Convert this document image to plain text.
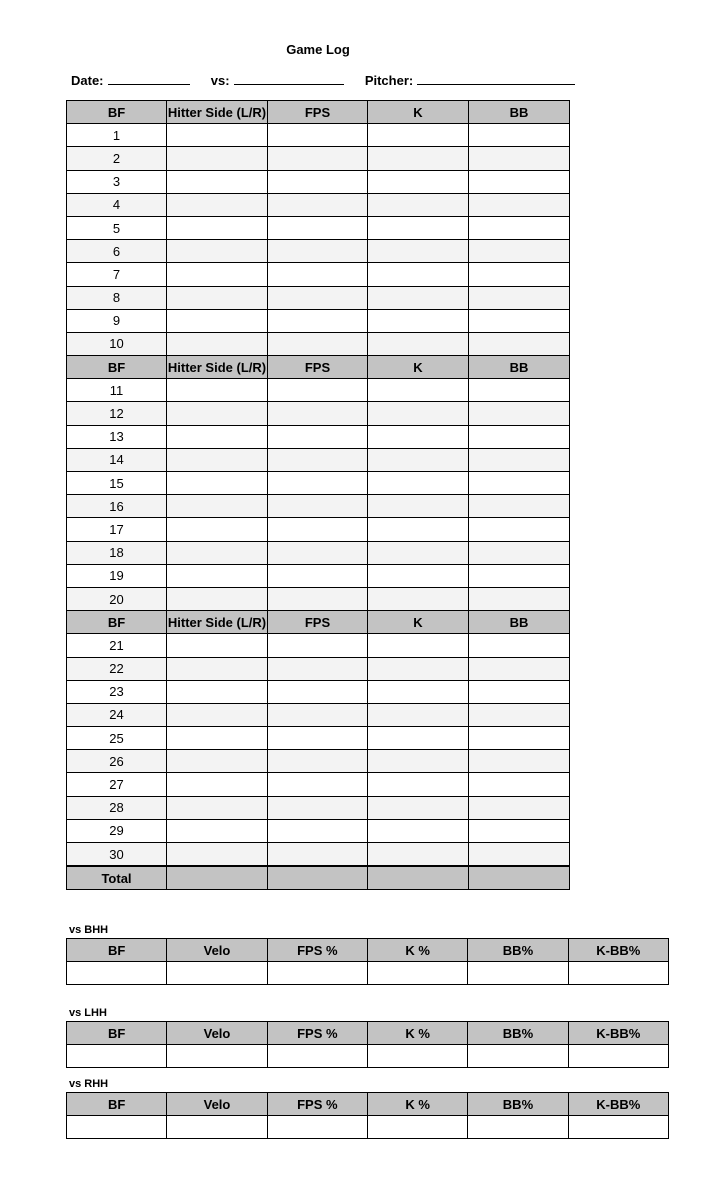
Game Log
Date:	vs:	Pitcher:
BF	Hitter Side (L/R)	FPS	K	BB
1				
2				
3				
4				
5				
6				
7				
8				
9				
10				
BF	Hitter Side (L/R)	FPS	K	BB
11				
12				
13				
14				
15				
16				
17				
18				
19				
20				
BF	Hitter Side (L/R)	FPS	K	BB
21				
22				
23				
24				
25				
26				
27				
28				
29				
30				
Total				
vs BHH
BF	Velo	FPS %	K %	BB%	K-BB%

vs LHH
BF	Velo	FPS %	K %	BB%	K-BB%

vs RHH
BF	Velo	FPS %	K %	BB%	K-BB%
